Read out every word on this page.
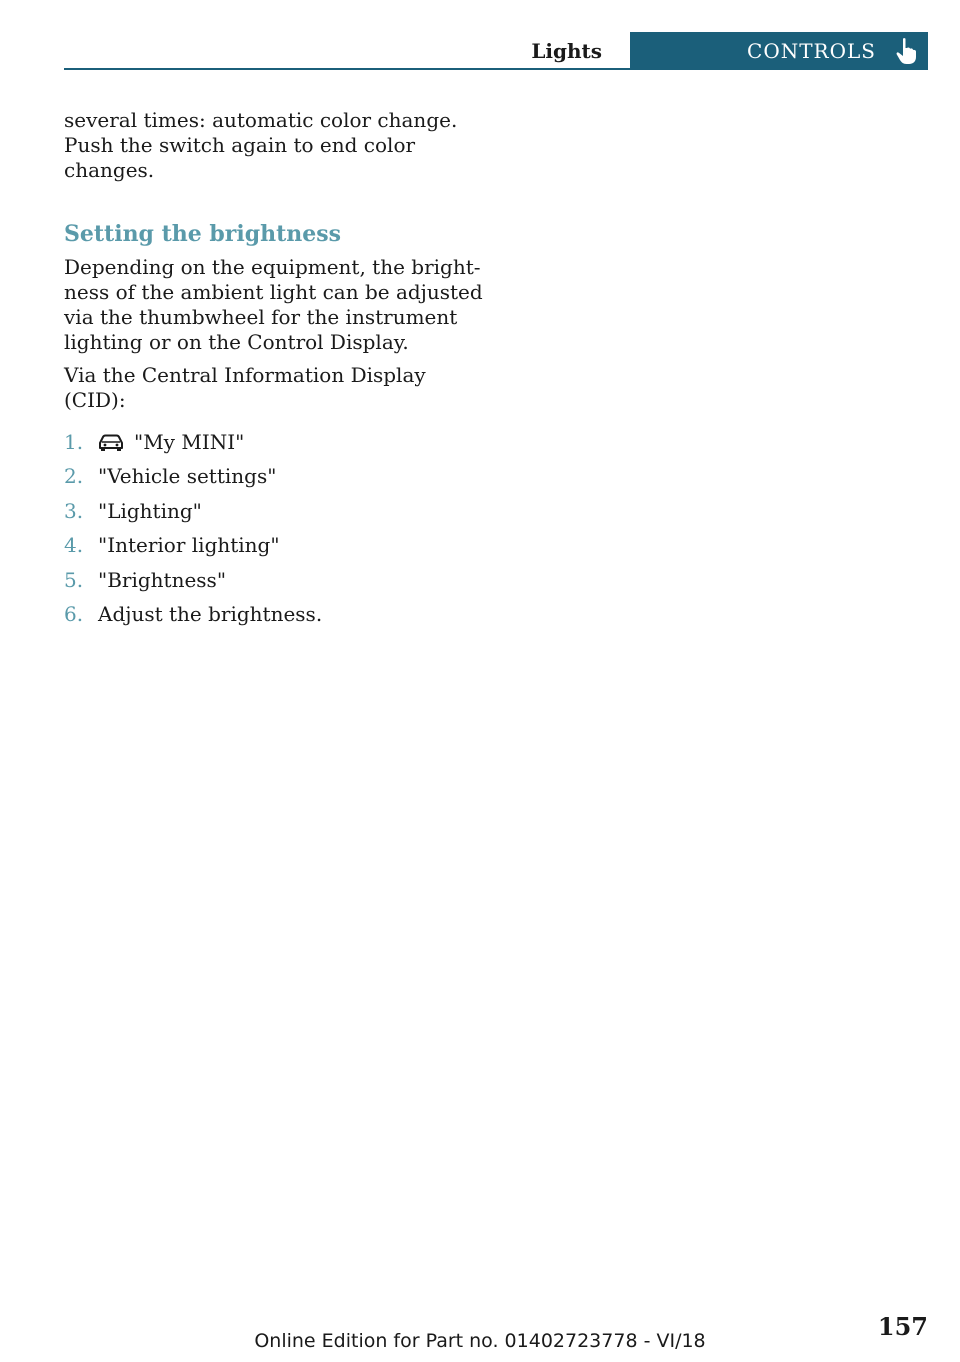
Lights	CONTROLS

several times: automatic color change. Push the switch again to end color changes.

Setting the brightness

Depending on the equipment, the bright‐ ness of the ambient light can be adjusted via the thumbwheel for the instrument lighting or on the Control Display.

Via the Central Information Display (CID):

1.	"My MINI"
2. "Vehicle settings"
3. "Lighting"
4. "Interior lighting"
5. "Brightness"
6. Adjust the brightness.
157
Online Edition for Part no. 01402723778 - VI/18
